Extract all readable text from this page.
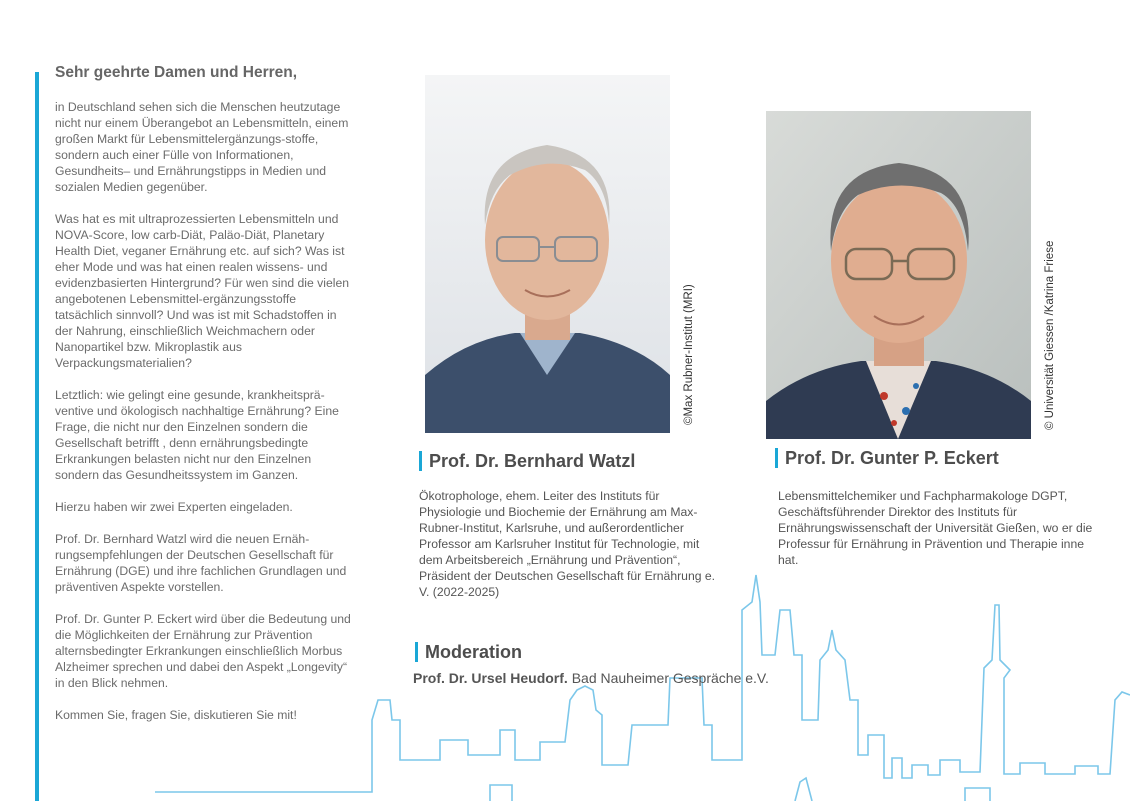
Sehr geehrte Damen und Herren,

in Deutschland sehen sich die Menschen heutzutage nicht nur einem Überangebot an Lebensmitteln, einem großen Markt für Lebensmittelergänzungs-stoffe, sondern auch einer Fülle von Informationen, Gesundheits– und Ernährungstipps in Medien und sozialen Medien gegenüber.

Was hat es mit ultraprozessierten Lebensmitteln und NOVA-Score, low carb-Diät, Paläo-Diät, Planetary Health Diet, veganer Ernährung etc. auf sich? Was ist eher Mode und was hat einen realen wissens- und evidenzbasierten Hintergrund? Für wen sind die vielen angebotenen Lebensmittel-ergänzungsstoffe tatsächlich sinnvoll? Und was ist mit Schadstoffen in der Nahrung, einschließlich Weichmachern oder Nanopartikel bzw. Mikroplastik aus Verpackungsmaterialien?

Letztlich: wie gelingt eine gesunde, krankheitsprä-ventive und ökologisch nachhaltige Ernährung? Eine Frage, die nicht nur den Einzelnen sondern die Gesellschaft betrifft , denn ernährungsbedingte Erkrankungen belasten nicht nur den Einzelnen sondern das Gesundheitssystem im Ganzen.

Hierzu haben wir zwei Experten eingeladen.

Prof. Dr. Bernhard Watzl wird die neuen Ernäh-rungsempfehlungen der Deutschen Gesellschaft für Ernährung (DGE) und ihre fachlichen Grundlagen und präventiven Aspekte vorstellen.

Prof. Dr. Gunter P. Eckert wird über die Bedeutung und die Möglichkeiten der Ernährung zur Prävention alternsbedingter Erkrankungen einschließlich Morbus Alzheimer sprechen und dabei den Aspekt „Longevity“ in den Blick nehmen.

Kommen Sie, fragen Sie, diskutieren Sie mit!

©Max Rubner-Institut (MRI)	© Universität Giessen /Katrina Friese
Prof. Dr. Bernhard Watzl
Ökotrophologe, ehem. Leiter des Instituts für Physiologie und Biochemie der Ernährung am Max-Rubner-Institut, Karlsruhe, und außerordentlicher Professor am Karlsruher Institut für Technologie, mit dem Arbeitsbereich „Ernährung und Prävention“, Präsident der Deutschen Gesellschaft für Ernährung e. V. (2022-2025)
Prof. Dr. Gunter P. Eckert
Lebensmittelchemiker und Fachpharmakologe DGPT, Geschäftsführender Direktor des Instituts für Ernährungswissenschaft der Universität Gießen, wo er die Professur für Ernährung in Prävention und Therapie inne hat.
Moderation
Prof. Dr. Ursel Heudorf. Bad Nauheimer Gespräche e.V.
